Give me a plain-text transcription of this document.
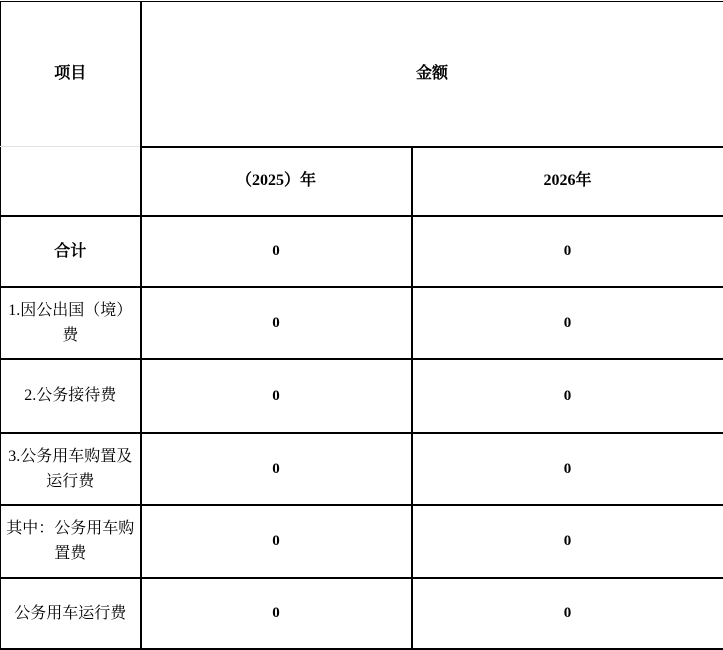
项目	金额	
	（2025）年	2026年
合计	0	0
1.因公出国（境）费	0	0
2.公务接待费	0	0
3.公务用车购置及运行费	0	0
其中：公务用车购置费	0	0
公务用车运行费	0	0
